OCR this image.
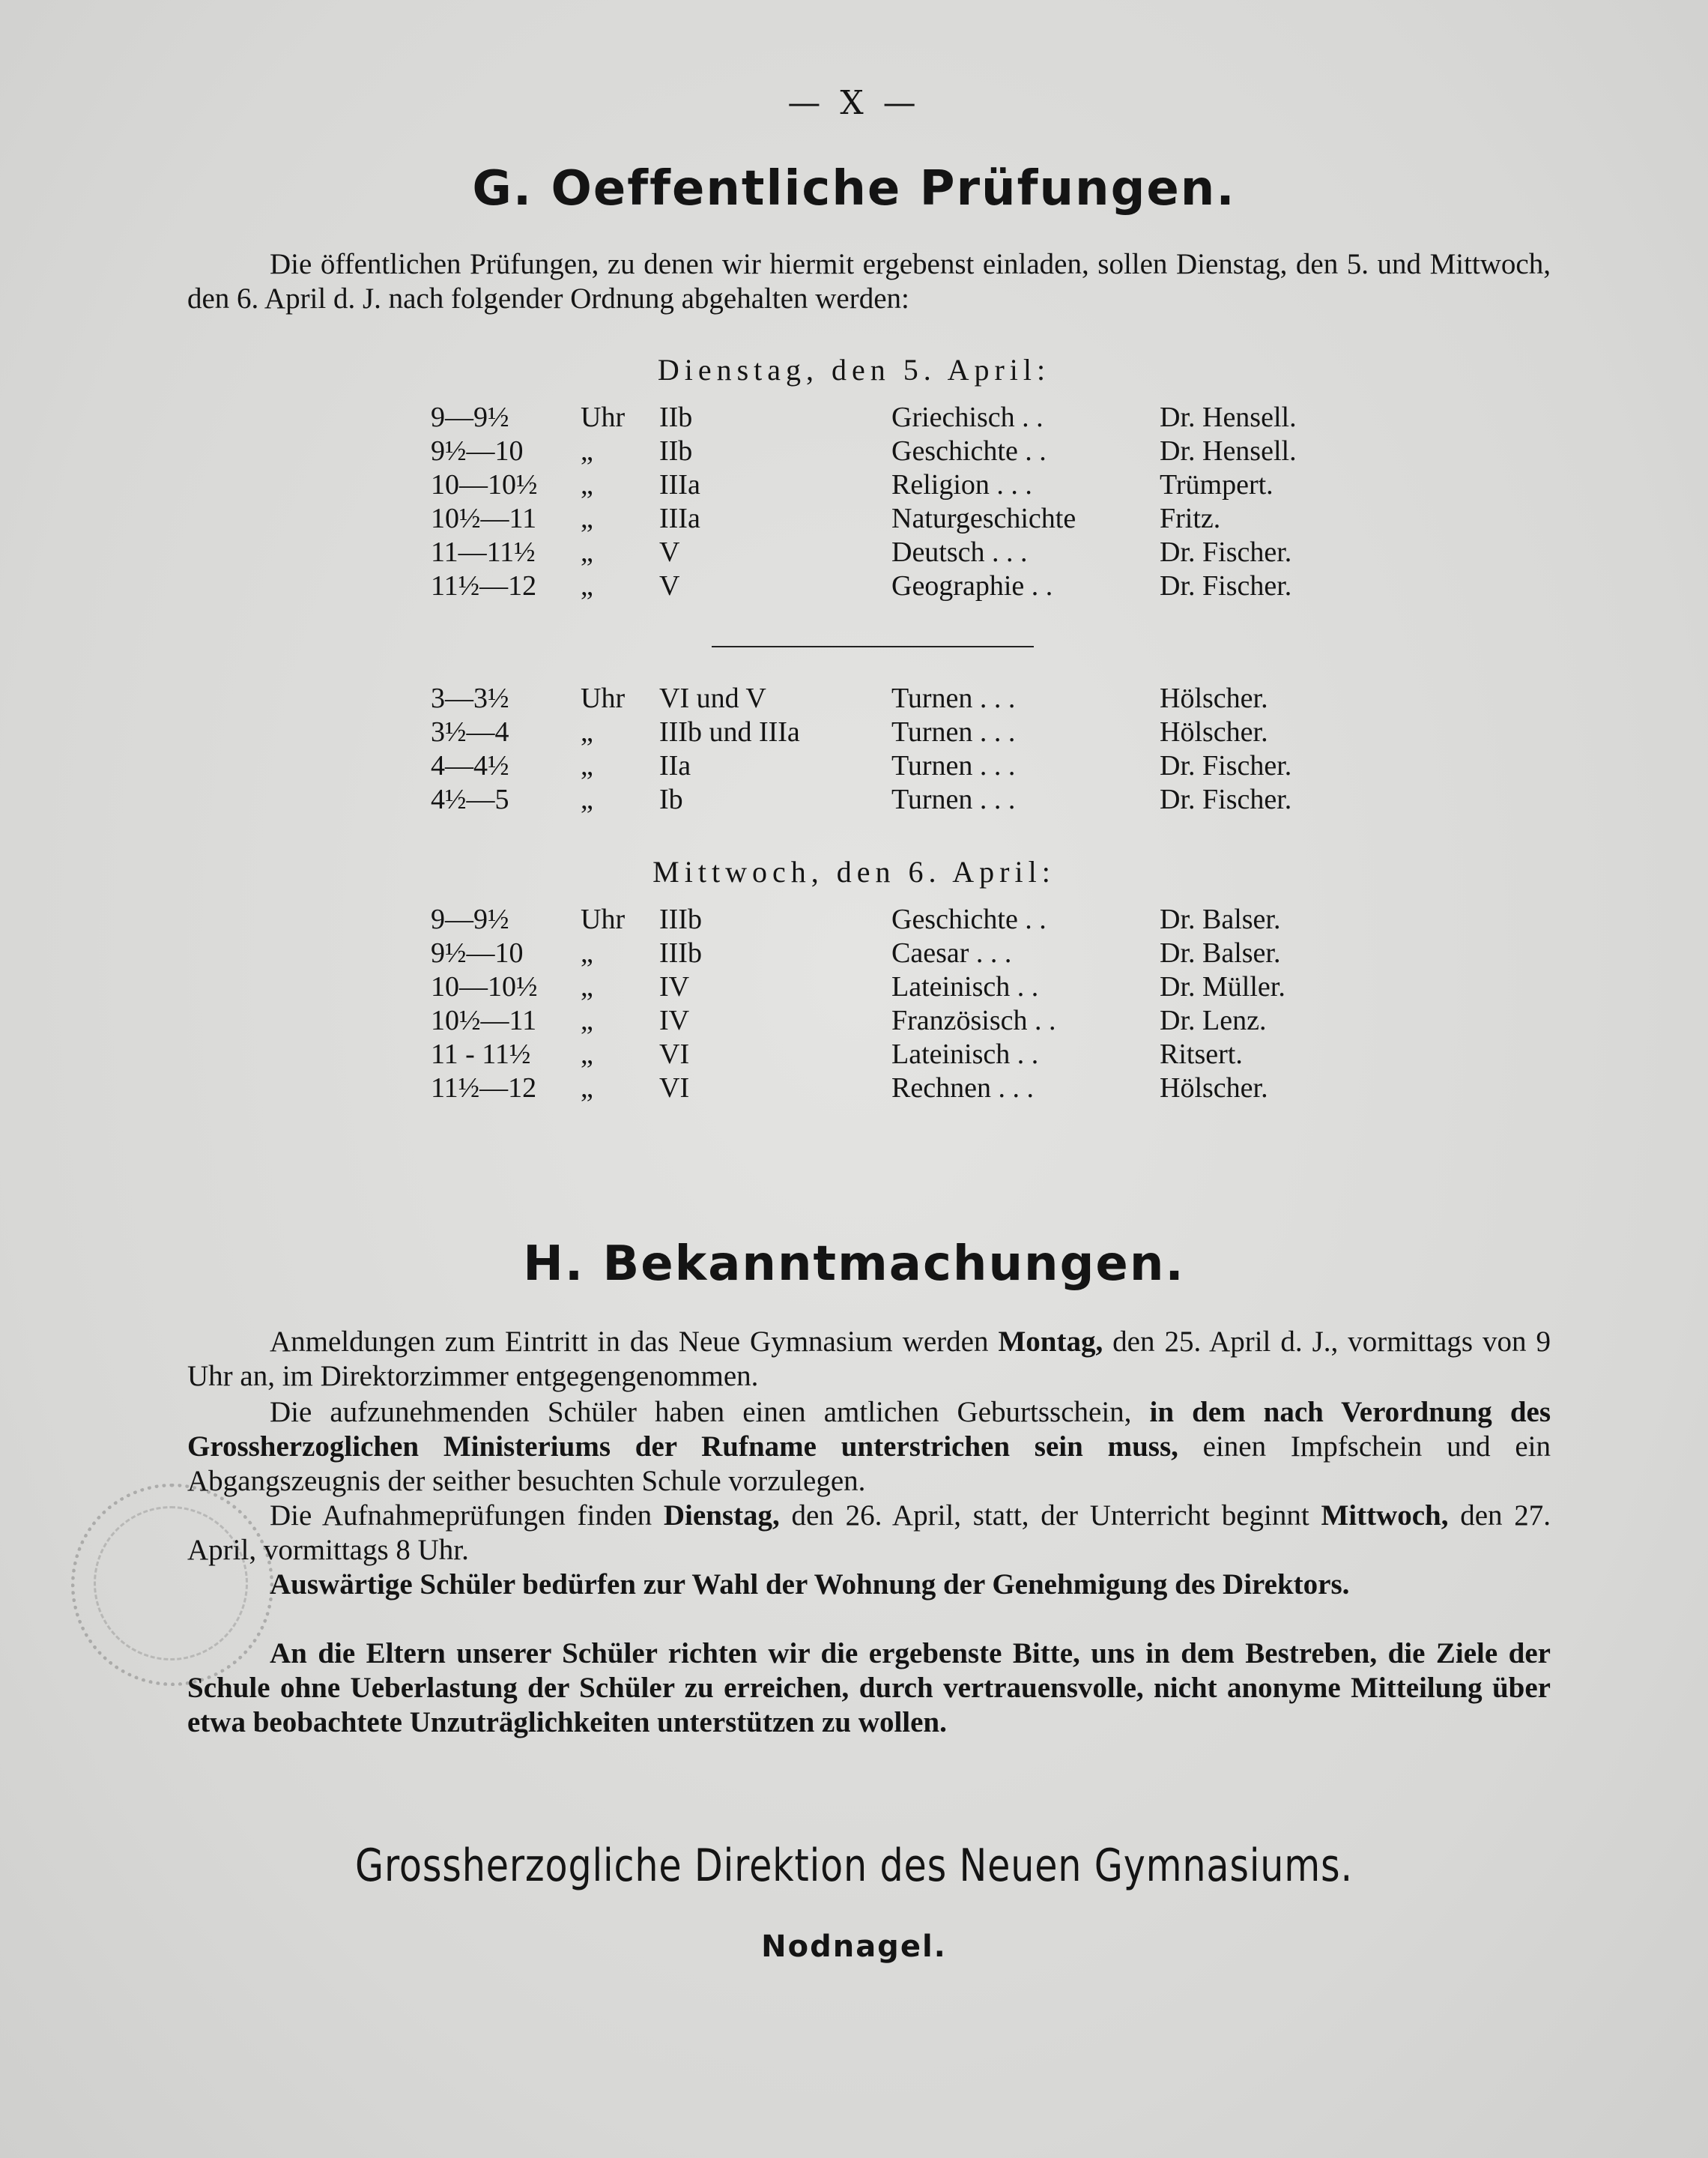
— X —
G. Oeffentliche Prüfungen.
Die öffentlichen Prüfungen, zu denen wir hiermit ergebenst einladen, sollen Dienstag, den 5. und Mittwoch, den 6. April d. J. nach folgender Ordnung abgehalten werden:
Dienstag, den 5. April:
9—9½	Uhr IIb	Griechisch . .	Dr. Hensell.
9½—10 „ IIb	Geschichte . .	Dr. Hensell.
10—10½ „ IIIa	Religion . . .	Trümpert.
10½—11 „ IIIa	Naturgeschichte	Fritz.
11—11½ „ V	Deutsch . . .	Dr. Fischer.
11½—12 „ V	Geographie . .	Dr. Fischer.
3—3½	Uhr VI und V	Turnen . . .	Hölscher.
3½—4	„ IIIb und IIIa	Turnen . . .	Hölscher.
4—4½	„ IIa	Turnen . . .	Dr. Fischer.
4½—5	„ Ib	Turnen . . .	Dr. Fischer.
Mittwoch, den 6. April:
9—9½	Uhr IIIb	Geschichte . .	Dr. Balser.
9½—10 „ IIIb	Caesar . . .	Dr. Balser.
10—10½ „ IV	Lateinisch . .	Dr. Müller.
10½—11 „ IV	Französisch . .	Dr. Lenz.
11 - 11½ „ VI	Lateinisch . .	Ritsert.
11½—12 „ VI	Rechnen . . .	Hölscher.
H. Bekanntmachungen.
Anmeldungen zum Eintritt in das Neue Gymnasium werden Montag, den 25. April d. J., vormittags von 9 Uhr an, im Direktorzimmer entgegengenommen.
Die aufzunehmenden Schüler haben einen amtlichen Geburtsschein, in dem nach Verordnung des Grossherzoglichen Ministeriums der Rufname unterstrichen sein muss, einen Impfschein und ein Abgangszeugnis der seither besuchten Schule vorzulegen.
Die Aufnahmeprüfungen finden Dienstag, den 26. April, statt, der Unterricht beginnt Mittwoch, den 27. April, vormittags 8 Uhr.
Auswärtige Schüler bedürfen zur Wahl der Wohnung der Genehmigung des Direktors.
An die Eltern unserer Schüler richten wir die ergebenste Bitte, uns in dem Bestreben, die Ziele der Schule ohne Ueberlastung der Schüler zu erreichen, durch vertrauensvolle, nicht anonyme Mitteilung über etwa beobachtete Unzuträglichkeiten unterstützen zu wollen.
Grossherzogliche Direktion des Neuen Gymnasiums.
Nodnagel.
